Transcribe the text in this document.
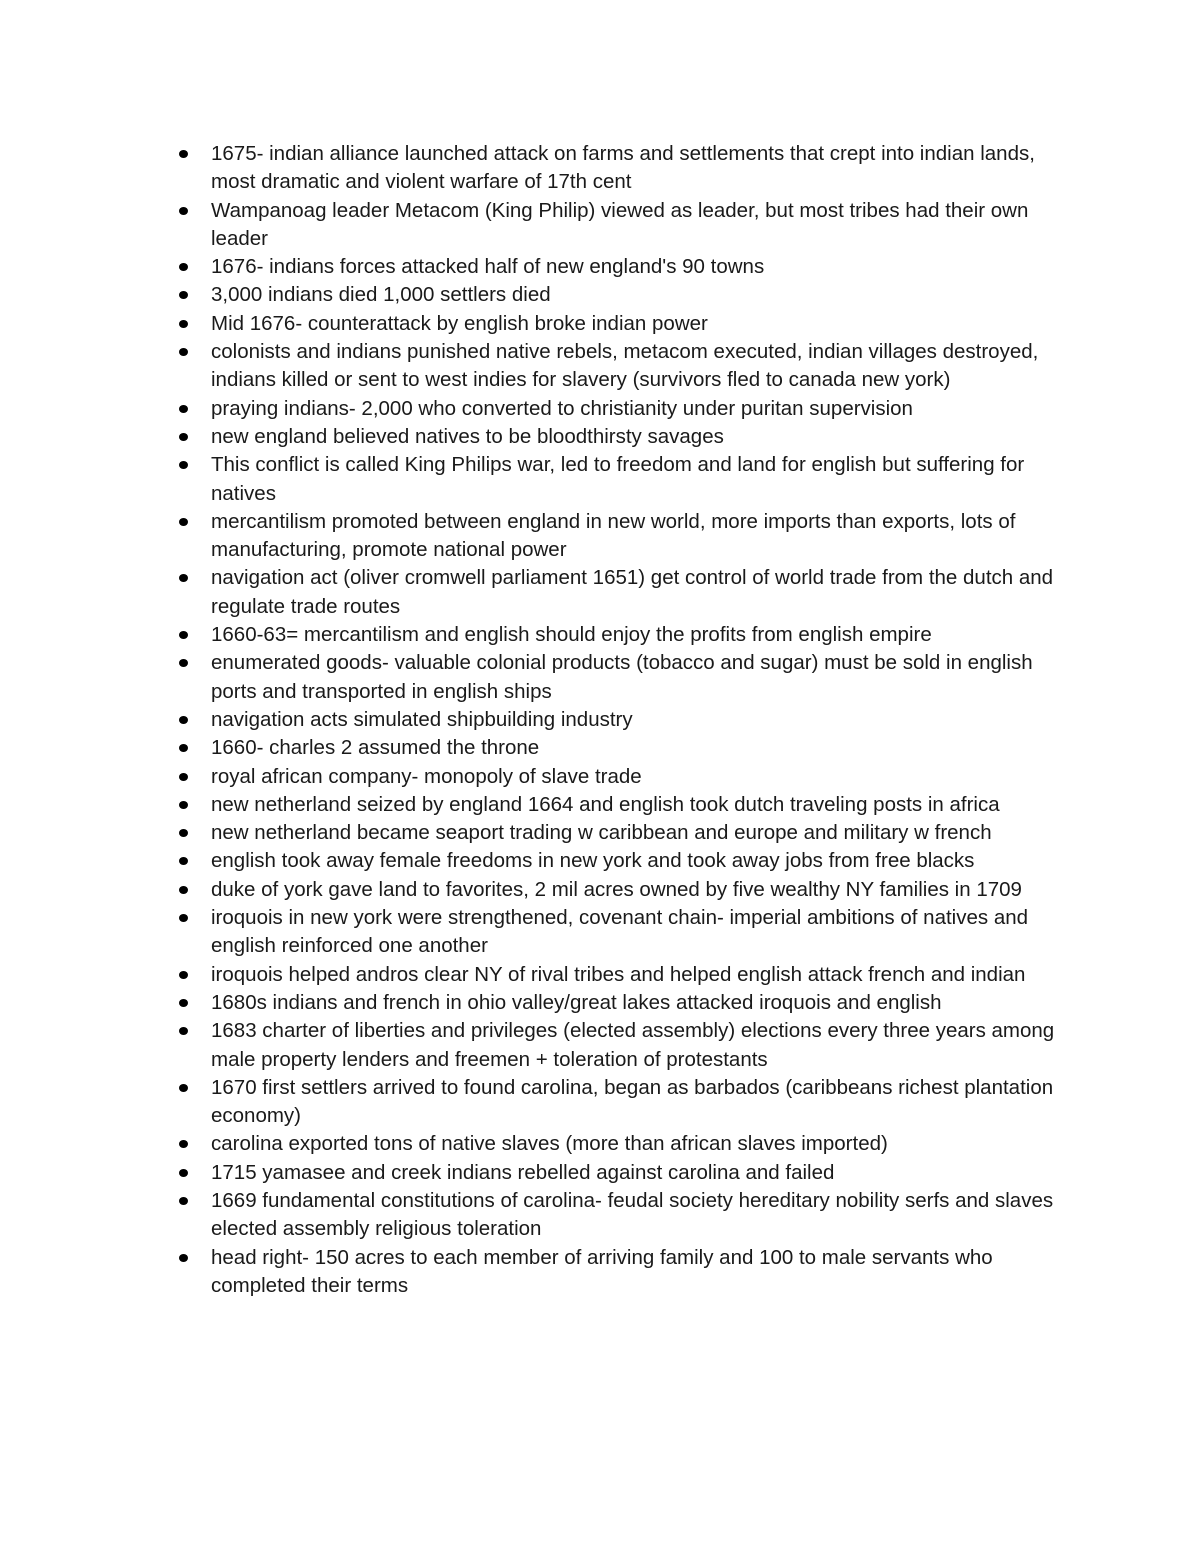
1675- indian alliance launched attack on farms and settlements that crept into indian lands, most dramatic and violent warfare of 17th cent
Wampanoag leader Metacom (King Philip) viewed as leader, but most tribes had their own leader
1676- indians forces attacked half of new england's 90 towns
3,000 indians died 1,000 settlers died
Mid 1676- counterattack by english broke indian power
colonists and indians punished native rebels, metacom executed, indian villages destroyed, indians killed or sent to west indies for slavery (survivors fled to canada new york)
praying indians- 2,000 who converted to christianity under puritan supervision
new england believed natives to be bloodthirsty savages
This conflict is called King Philips war, led to freedom and land for english but suffering for natives
mercantilism promoted between england in new world, more imports than exports, lots of manufacturing, promote national power
navigation act (oliver cromwell parliament 1651) get control of world trade from the dutch and regulate trade routes
1660-63= mercantilism and english should enjoy the profits from english empire
enumerated goods- valuable colonial products (tobacco and sugar) must be sold in english ports and transported in english ships
navigation acts simulated shipbuilding industry
1660- charles 2 assumed the throne
royal african company- monopoly of slave trade
new netherland seized by england 1664 and english took dutch traveling posts in africa
new netherland became seaport trading w caribbean and europe and military w french
english took away female freedoms in new york and took away jobs from free blacks
duke of york gave land to favorites, 2 mil acres owned by five wealthy NY families in 1709
iroquois in new york were strengthened, covenant chain- imperial ambitions of natives and english reinforced one another
iroquois helped andros clear NY of rival tribes and helped english attack french and indian
1680s indians and french in ohio valley/great lakes attacked iroquois and english
1683 charter of liberties and privileges (elected assembly) elections every three years among male property lenders and freemen + toleration of protestants
1670 first settlers arrived to found carolina, began as barbados (caribbeans richest plantation economy)
carolina exported tons of native slaves (more than african slaves imported)
1715 yamasee and creek indians rebelled against carolina and failed
1669 fundamental constitutions of carolina- feudal society hereditary nobility serfs and slaves elected assembly religious toleration
head right- 150 acres to each member of arriving family and 100 to male servants who completed their terms
